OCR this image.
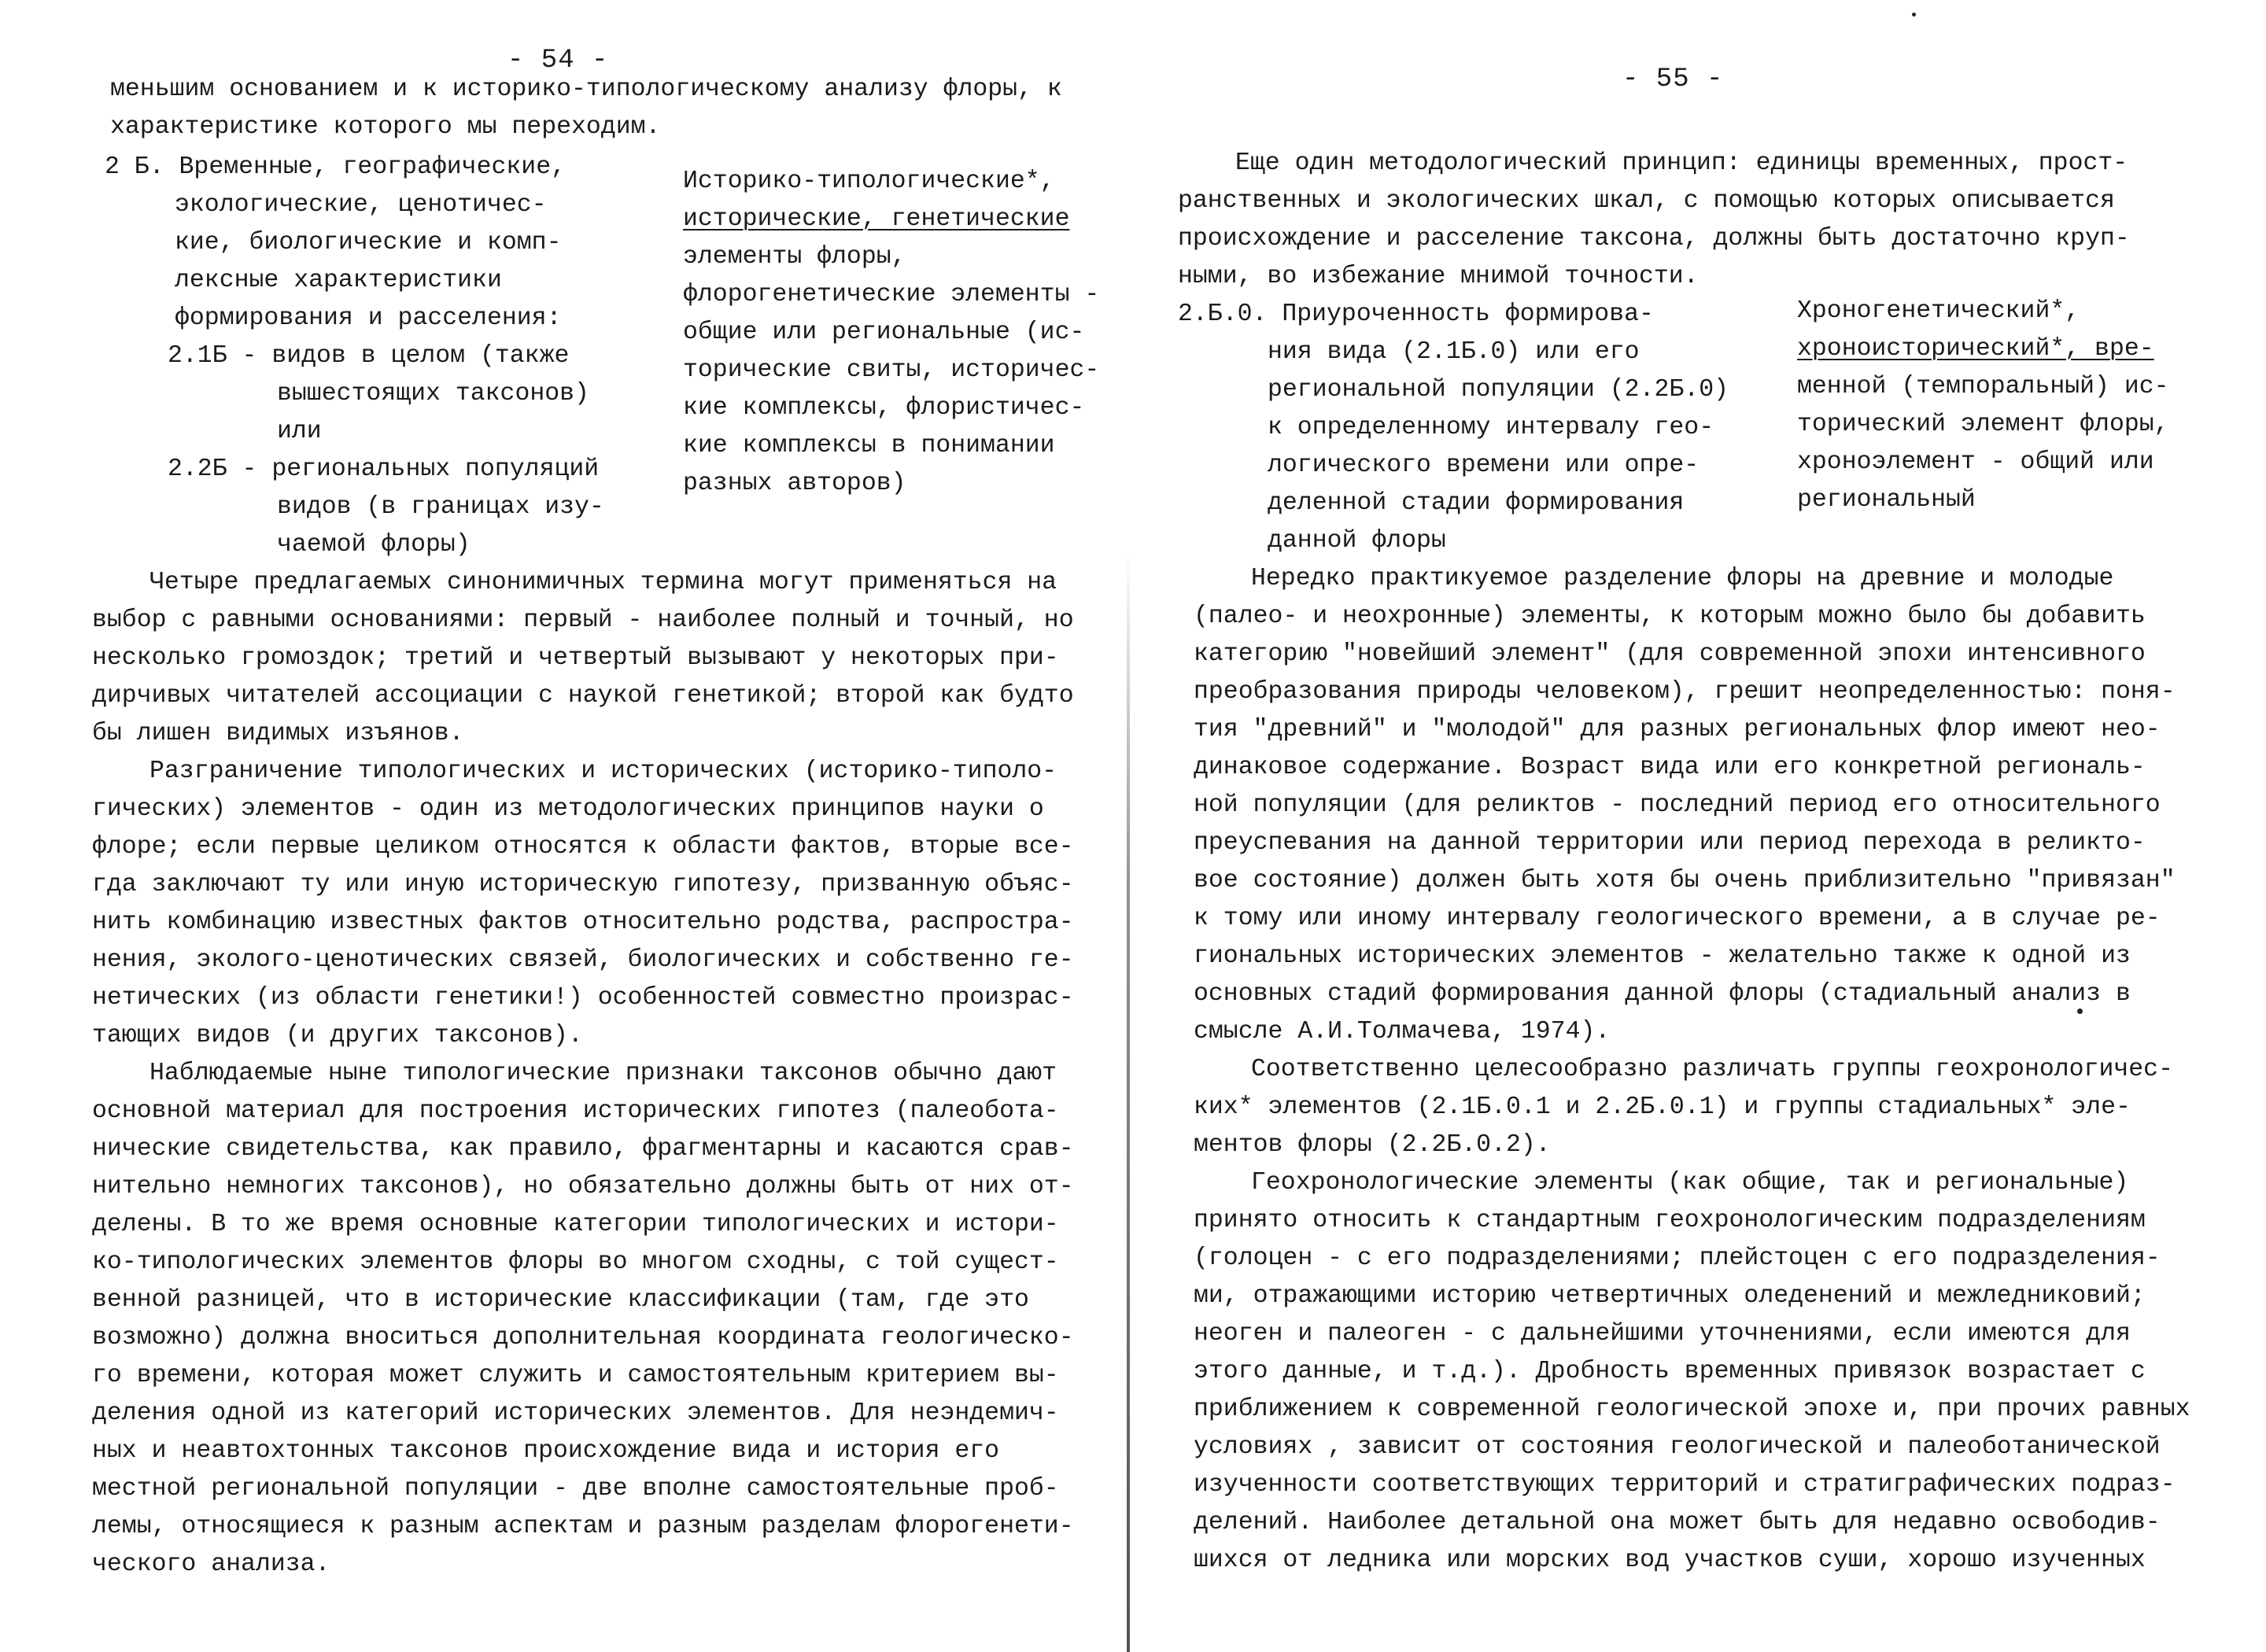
- 54 -
меньшим основанием и к историко-типологическому анализу флоры, к
характеристике которого мы переходим.
2 Б. Временные, географические,
экологические, ценотичес-
кие, биологические и комп-
лексные характеристики
формирования и расселения:
2.1Б - видов в целом (также
вышестоящих таксонов)
или
2.2Б - региональных популяций
видов (в границах изу-
чаемой флоры)
Историко-типологические*,
исторические, генетические
элементы флоры,
флорогенетические элементы -
общие или региональные (ис-
торические свиты, историчес-
кие комплексы, флористичес-
кие комплексы в понимании
разных авторов)
Четыре предлагаемых синонимичных термина могут применяться на
выбор с равными основаниями: первый - наиболее полный и точный, но
несколько громоздок; третий и четвертый вызывают у некоторых при-
дирчивых читателей ассоциации с наукой генетикой; второй как будто
бы лишен видимых изъянов.
Разграничение типологических и исторических (историко-типоло-
гических) элементов - один из методологических принципов науки о
флоре; если первые целиком относятся к области фактов, вторые все-
гда заключают ту или иную историческую гипотезу, призванную объяс-
нить комбинацию известных фактов относительно родства, распростра-
нения, эколого-ценотических связей, биологических и собственно ге-
нетических (из области генетики!) особенностей совместно произрас-
тающих видов (и других таксонов).
Наблюдаемые ныне типологические признаки таксонов обычно дают
основной материал для построения исторических гипотез (палеобота-
нические свидетельства, как правило, фрагментарны и касаются срав-
нительно немногих таксонов), но обязательно должны быть от них от-
делены. В то же время основные категории типологических и истори-
ко-типологических элементов флоры во многом сходны, с той сущест-
венной разницей, что в исторические классификации (там, где это
возможно) должна вноситься дополнительная координата геологическо-
го времени, которая может служить и самостоятельным критерием вы-
деления одной из категорий исторических элементов. Для неэндемич-
ных и неавтохтонных таксонов происхождение вида и история его
местной региональной популяции - две вполне самостоятельные проб-
лемы, относящиеся к разным аспектам и разным разделам флорогенети-
ческого анализа.
- 55 -
Еще один методологический принцип: единицы временных, прост-
ранственных и экологических шкал, с помощью которых описывается
происхождение и расселение таксона, должны быть достаточно круп-
ными, во избежание мнимой точности.
2.Б.0. Приуроченность формирова-
ния вида (2.1Б.0) или его
региональной популяции (2.2Б.0)
к определенному интервалу гео-
логического времени или опре-
деленной стадии формирования
данной флоры
Хроногенетический*,
хроноисторический*, вре-
менной (темпоральный) ис-
торический элемент флоры,
хроноэлемент - общий или
региональный
Нередко практикуемое разделение флоры на древние и молодые
(палео- и неохронные) элементы, к которым можно было бы добавить
категорию "новейший элемент" (для современной эпохи интенсивного
преобразования природы человеком), грешит неопределенностью: поня-
тия "древний" и "молодой" для разных региональных флор имеют нео-
динаковое содержание. Возраст вида или его конкретной региональ-
ной популяции (для реликтов - последний период его относительного
преуспевания на данной территории или период перехода в реликто-
вое состояние) должен быть хотя бы очень приблизительно "привязан"
к тому или иному интервалу геологического времени, а в случае ре-
гиональных исторических элементов - желательно также к одной из
основных стадий формирования данной флоры (стадиальный анализ в
смысле А.И.Толмачева, 1974).
Соответственно целесообразно различать группы геохронологичес-
ких* элементов (2.1Б.0.1 и 2.2Б.0.1) и группы стадиальных* эле-
ментов флоры (2.2Б.0.2).
Геохронологические элементы (как общие, так и региональные)
принято относить к стандартным геохронологическим подразделениям
(голоцен - с его подразделениями; плейстоцен с его подразделения-
ми, отражающими историю четвертичных оледенений и межледниковий;
неоген и палеоген - с дальнейшими уточнениями, если имеются для
этого данные, и т.д.). Дробность временных привязок возрастает с
приближением к современной геологической эпохе и, при прочих равных
условиях , зависит от состояния геологической и палеоботанической
изученности соответствующих территорий и стратиграфических подраз-
делений. Наиболее детальной она может быть для недавно освободив-
шихся от ледника или морских вод участков суши, хорошо изученных
